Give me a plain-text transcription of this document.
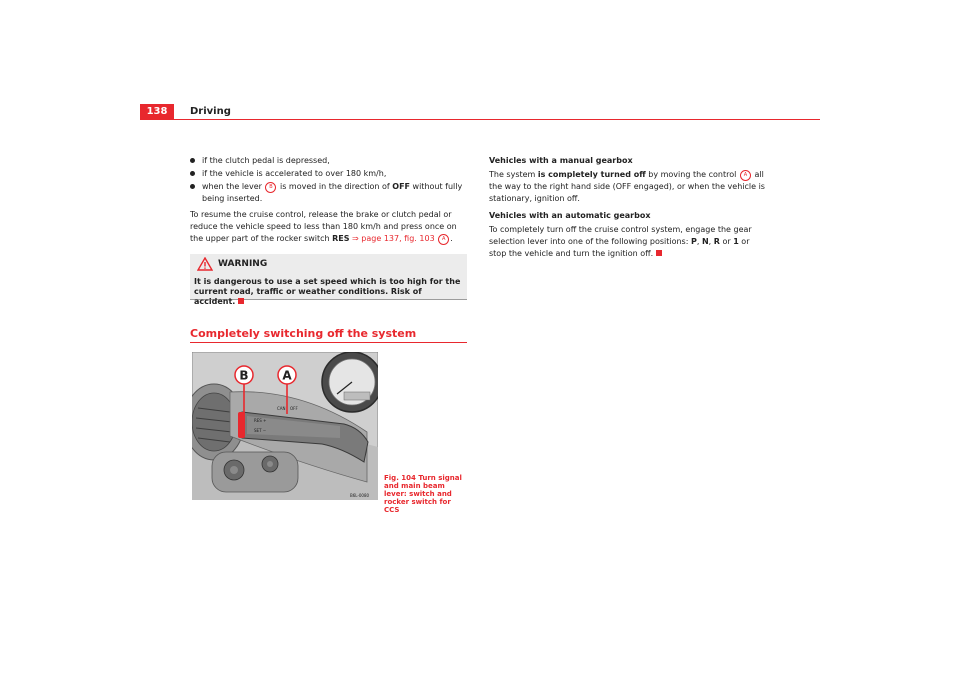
138	Driving
if the clutch pedal is depressed,
if the vehicle is accelerated to over 180 km/h,
when the lever B is moved in the direction of OFF without fully being inserted.
To resume the cruise control, release the brake or clutch pedal or reduce the vehicle speed to less than 180 km/h and press once on the upper part of the rocker switch RES ⇒ page 137, fig. 103 A .
WARNING
It is dangerous to use a set speed which is too high for the current road, traffic or weather conditions. Risk of accident.
Completely switching off the system
RES +
SET −
CAN OFF
B	A
B6L-0080
Fig. 104 Turn signal and main beam lever: switch and rocker switch for CCS
Vehicles with a manual gearbox
The system is completely turned off by moving the control A all the way to the right hand side (OFF engaged), or when the vehicle is stationary, ignition off.
Vehicles with an automatic gearbox
To completely turn off the cruise control system, engage the gear selection lever into one of the following positions: P, N, R or 1 or stop the vehicle and turn the ignition off.
